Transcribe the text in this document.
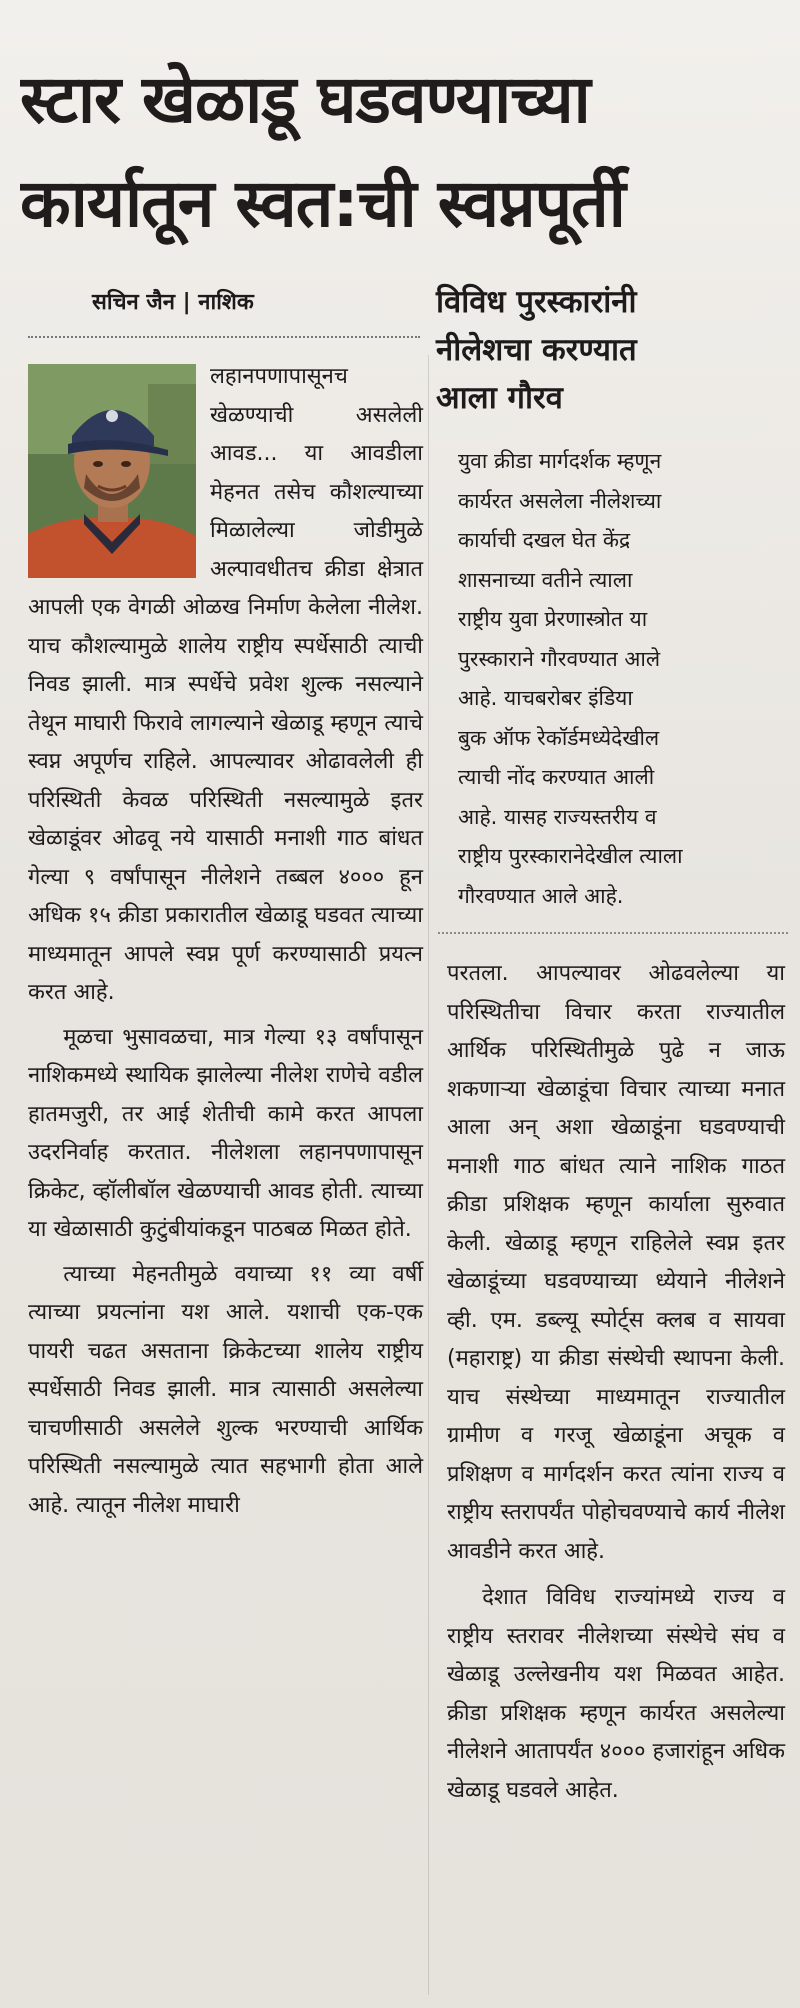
स्टार खेळाडू घडवण्याच्या
कार्यातून स्वत:ची स्वप्नपूर्ती
सचिन जैन | नाशिक

लहानपणापासूनच खेळण्याची असलेली आवड... या आवडीला मेहनत तसेच कौशल्याच्या मिळालेल्या जोडीमुळे अल्पावधीतच क्रीडा क्षेत्रात आपली एक वेगळी ओळख निर्माण केलेला नीलेश. याच कौशल्यामुळे शालेय राष्ट्रीय स्पर्धेसाठी त्याची निवड झाली. मात्र स्पर्धेचे प्रवेश शुल्क नसल्याने तेथून माघारी फिरावे लागल्याने खेळाडू म्हणून त्याचे स्वप्न अपूर्णच राहिले. आपल्यावर ओढावलेली ही परिस्थिती केवळ परिस्थिती नसल्यामुळे इतर खेळाडूंवर ओढवू नये यासाठी मनाशी गाठ बांधत गेल्या ९ वर्षांपासून नीलेशने तब्बल ४००० हून अधिक १५ क्रीडा प्रकारातील खेळाडू घडवत त्याच्या माध्यमातून आपले स्वप्न पूर्ण करण्यासाठी प्रयत्न करत आहे.

मूळचा भुसावळचा, मात्र गेल्या १३ वर्षांपासून नाशिकमध्ये स्थायिक झालेल्या नीलेश राणेचे वडील हातमजुरी, तर आई शेतीची कामे करत आपला उदरनिर्वाह करतात. नीलेशला लहानपणापासून क्रिकेट, व्हॉलीबॉल खेळण्याची आवड होती. त्याच्या या खेळासाठी कुटुंबीयांकडून पाठबळ मिळत होते.

त्याच्या मेहनतीमुळे वयाच्या ११ व्या वर्षी त्याच्या प्रयत्नांना यश आले. यशाची एक-एक पायरी चढत असताना क्रिकेटच्या शालेय राष्ट्रीय स्पर्धेसाठी निवड झाली. मात्र त्यासाठी असलेल्या चाचणीसाठी असलेले शुल्क भरण्याची आर्थिक परिस्थिती नसल्यामुळे त्यात सहभागी होता आले आहे. त्यातून नीलेश माघारी

विविध पुरस्कारांनी
नीलेशचा करण्यात
आला गौरव
युवा क्रीडा मार्गदर्शक म्हणून
कार्यरत असलेला नीलेशच्या
कार्याची दखल घेत केंद्र
शासनाच्या वतीने त्याला
राष्ट्रीय युवा प्रेरणास्त्रोत या
पुरस्काराने गौरवण्यात आले
आहे. याचबरोबर इंडिया
बुक ऑफ रेकॉर्डमध्येदेखील
त्याची नोंद करण्यात आली
आहे. यासह राज्यस्तरीय व
राष्ट्रीय पुरस्कारानेदेखील त्याला
गौरवण्यात आले आहे.

परतला. आपल्यावर ओढवलेल्या या परिस्थितीचा विचार करता राज्यातील आर्थिक परिस्थितीमुळे पुढे न जाऊ शकणाऱ्या खेळाडूंचा विचार त्याच्या मनात आला अन् अशा खेळाडूंना घडवण्याची मनाशी गाठ बांधत त्याने नाशिक गाठत क्रीडा प्रशिक्षक म्हणून कार्याला सुरुवात केली. खेळाडू म्हणून राहिलेले स्वप्न इतर खेळाडूंच्या घडवण्याच्या ध्येयाने नीलेशने व्ही. एम. डब्ल्यू स्पोर्ट्स क्लब व सायवा (महाराष्ट्र) या क्रीडा संस्थेची स्थापना केली. याच संस्थेच्या माध्यमातून राज्यातील ग्रामीण व गरजू खेळाडूंना अचूक व प्रशिक्षण व मार्गदर्शन करत त्यांना राज्य व राष्ट्रीय स्तरापर्यंत पोहोचवण्याचे कार्य नीलेश आवडीने करत आहे.

देशात विविध राज्यांमध्ये राज्य व राष्ट्रीय स्तरावर नीलेशच्या संस्थेचे संघ व खेळाडू उल्लेखनीय यश मिळवत आहेत. क्रीडा प्रशिक्षक म्हणून कार्यरत असलेल्या नीलेशने आतापर्यंत ४००० हजारांहून अधिक खेळाडू घडवले आहेत.
